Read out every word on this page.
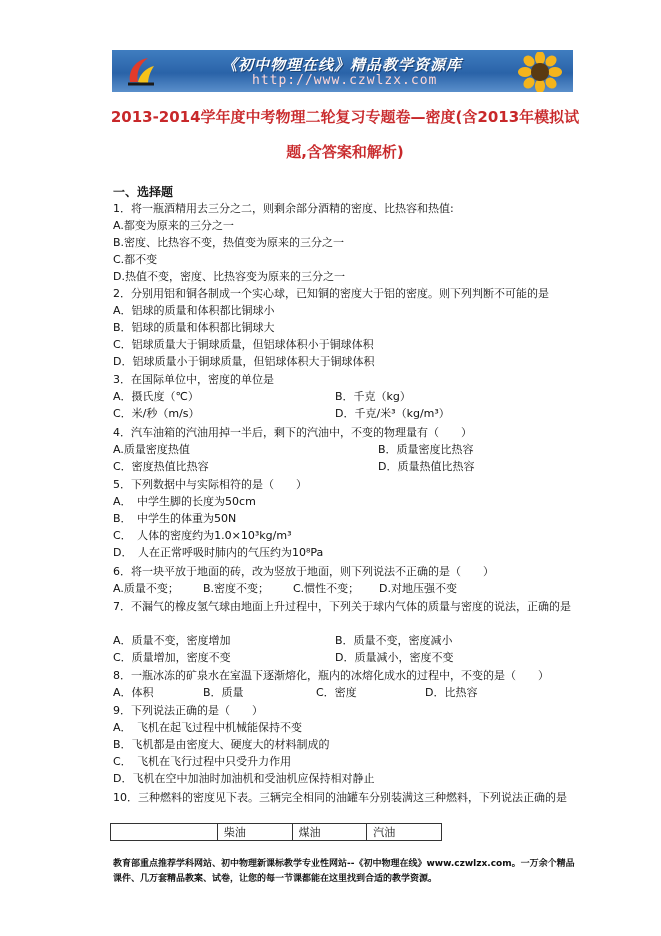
《初中物理在线》精品教学资源库
http://www.czwlzx.com
2013-2014学年度中考物理二轮复习专题卷—密度(含2013年模拟试题,含答案和解析)
一、选择题
1．将一瓶酒精用去三分之二，则剩余部分酒精的密度、比热容和热值:
A.都变为原来的三分之一
B.密度、比热容不变，热值变为原来的三分之一
C.都不变
D.热值不变，密度、比热容变为原来的三分之一
2．分别用铝和铜各制成一个实心球，已知铜的密度大于铝的密度。则下列判断不可能的是
A．铝球的质量和体积都比铜球小
B．铝球的质量和体积都比铜球大
C．铝球质量大于铜球质量，但铝球体积小于铜球体积
D．铝球质量小于铜球质量，但铝球体积大于铜球体积
3．在国际单位中，密度的单位是
A．摄氏度（℃）	B．千克（kg）
C．米/秒（m/s）	D．千克/米³（kg/m³）
4．汽车油箱的汽油用掉一半后，剩下的汽油中，不变的物理量有（　　）
A.质量密度热值	B．质量密度比热容
C．密度热值比热容	D．质量热值比热容
5．下列数据中与实际相符的是（　　）
A．　中学生脚的长度为50cm
B．　中学生的体重为50N
C．　人体的密度约为1.0×10³kg/m³
D．　人在正常呼吸时肺内的气压约为10⁸Pa
6．将一块平放于地面的砖，改为竖放于地面，则下列说法不正确的是（　　）
A.质量不变； B.密度不变； C.惯性不变； D.对地压强不变
7．不漏气的橡皮氢气球由地面上升过程中，下列关于球内气体的质量与密度的说法，正确的是
A．质量不变，密度增加	B．质量不变，密度减小
C．质量增加，密度不变	D．质量减小，密度不变
8．一瓶冰冻的矿泉水在室温下逐渐熔化，瓶内的冰熔化成水的过程中，不变的是（　　）
A．体积	B．质量	C．密度	D．比热容
9．下列说法正确的是（　　）
A．　飞机在起飞过程中机械能保持不变
B．飞机都是由密度大、硬度大的材料制成的
C．　飞机在飞行过程中只受升力作用
D．飞机在空中加油时加油机和受油机应保持相对静止
10．三种燃料的密度见下表。三辆完全相同的油罐车分别装满这三种燃料，下列说法正确的是
	柴油	煤油	汽油
教育部重点推荐学科网站、初中物理新课标教学专业性网站--《初中物理在线》www.czwlzx.com。一万余个精品课件、几万套精品教案、试卷，让您的每一节课都能在这里找到合适的教学资源。
